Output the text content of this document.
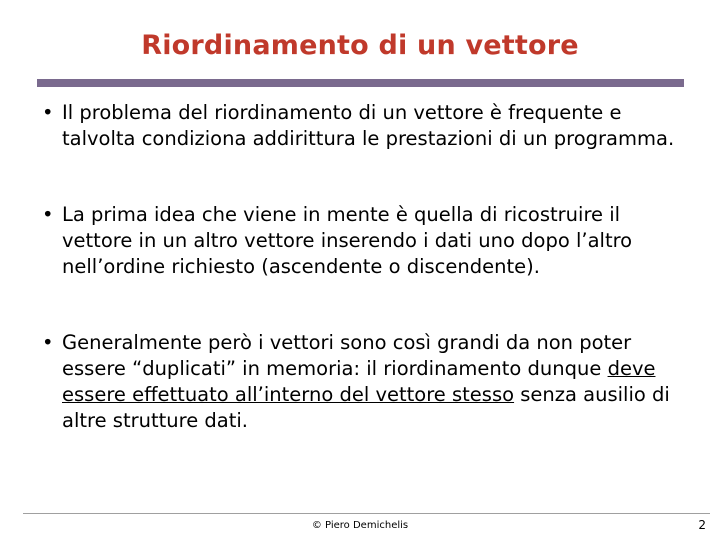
Riordinamento di un vettore

• Il problema del riordinamento di un vettore è frequente e talvolta condiziona addirittura le prestazioni di un programma.

• La prima idea che viene in mente è quella di ricostruire il vettore in un altro vettore inserendo i dati uno dopo l’altro nell’ordine richiesto (ascendente o discendente).

• Generalmente però i vettori sono così grandi da non poter essere “duplicati” in memoria: il riordinamento dunque deve essere effettuato all’interno del vettore stesso senza ausilio di altre strutture dati.

© Piero Demichelis	2
